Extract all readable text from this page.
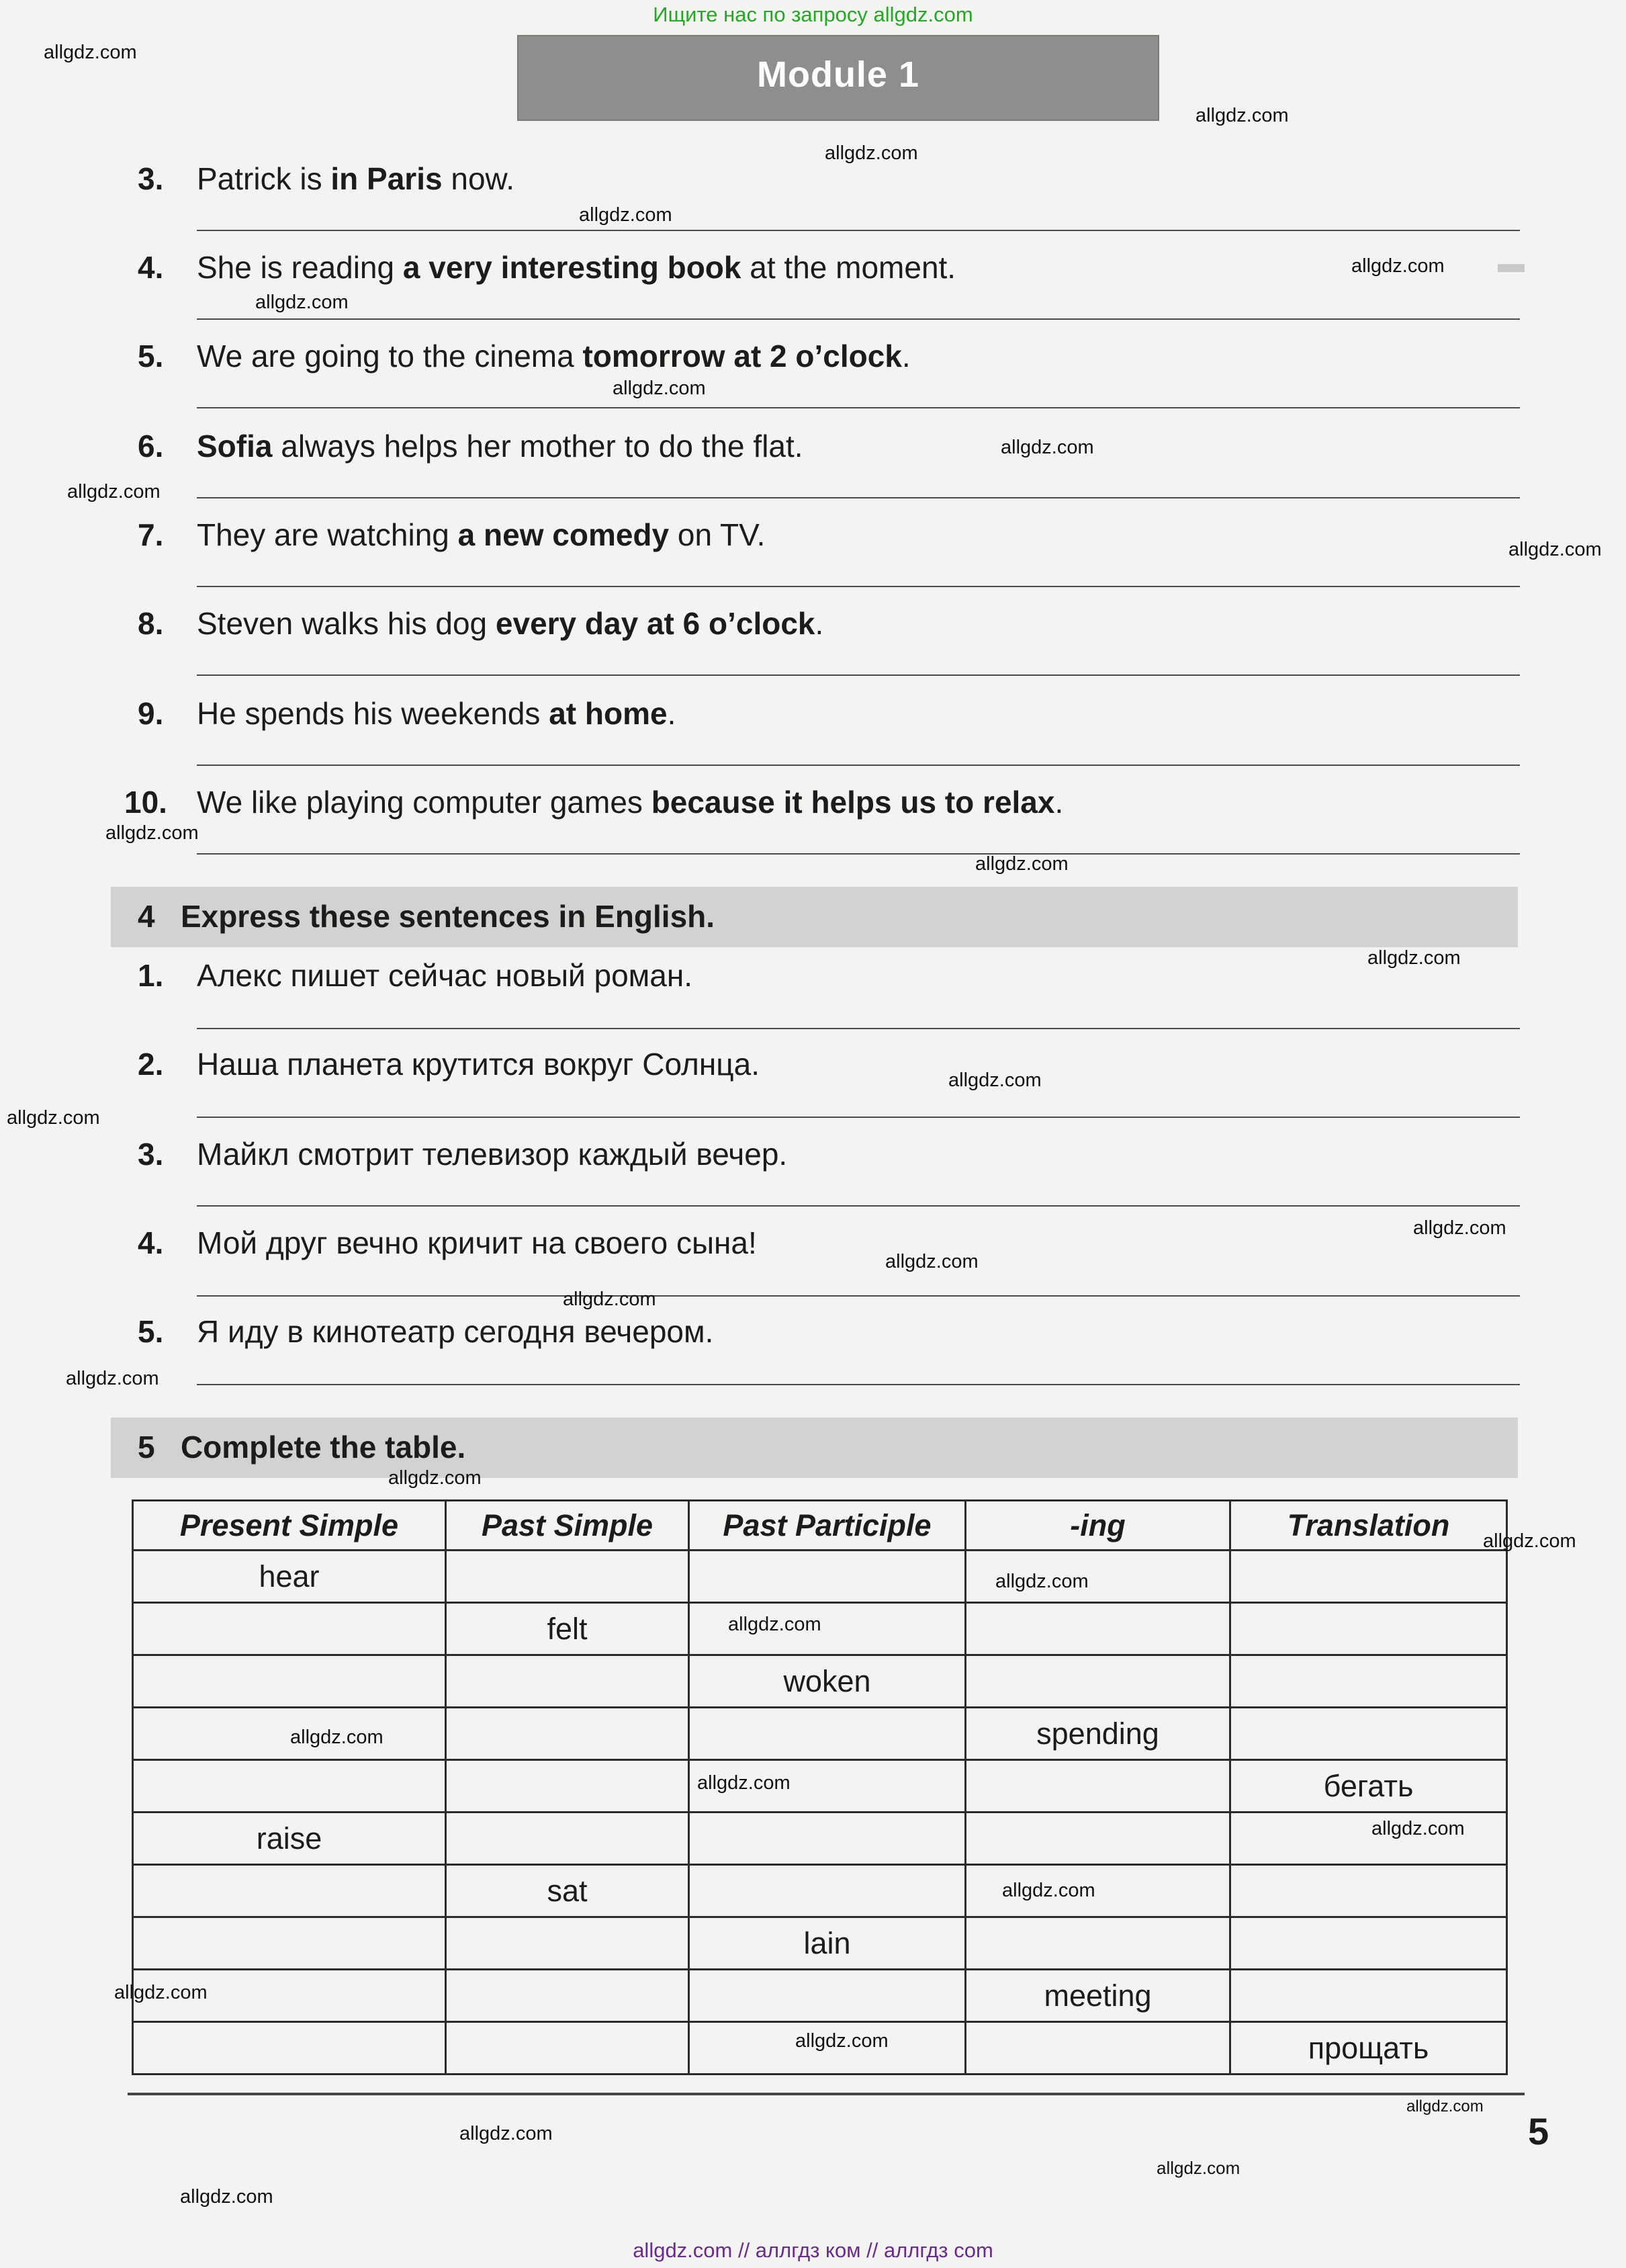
Ищите нас по запросу allgdz.com
Module 1
▬
3. Patrick is in Paris now.
4. She is reading a very interesting book at the moment.
5. We are going to the cinema tomorrow at 2 o’clock.
6. Sofia always helps her mother to do the flat.
7. They are watching a new comedy on TV.
8. Steven walks his dog every day at 6 o’clock.
9. He spends his weekends at home.
10. We like playing computer games because it helps us to relax.
4 Express these sentences in English.
1. Алекс пишет сейчас новый роман.
2. Наша планета крутится вокруг Солнца.
3. Майкл смотрит телевизор каждый вечер.
4. Мой друг вечно кричит на своего сына!
5. Я иду в кинотеатр сегодня вечером.
5 Complete the table.
Present Simple	Past Simple	Past Participle	-ing	Translation
hear				
	felt			
		woken		
			spending	
				бегать
raise				
	sat			
		lain		
			meeting	
				прощать
5
allgdz.com
allgdz.com
allgdz.com
allgdz.com
allgdz.com
allgdz.com
allgdz.com
allgdz.com
allgdz.com
allgdz.com
allgdz.com
allgdz.com
allgdz.com
allgdz.com
allgdz.com
allgdz.com
allgdz.com
allgdz.com
allgdz.com
allgdz.com
allgdz.com
allgdz.com
allgdz.com
allgdz.com
allgdz.com
allgdz.com
allgdz.com
allgdz.com
allgdz.com
allgdz.com
allgdz.com
allgdz.com
allgdz.com
allgdz.com // аллгдз ком // аллгдз com
